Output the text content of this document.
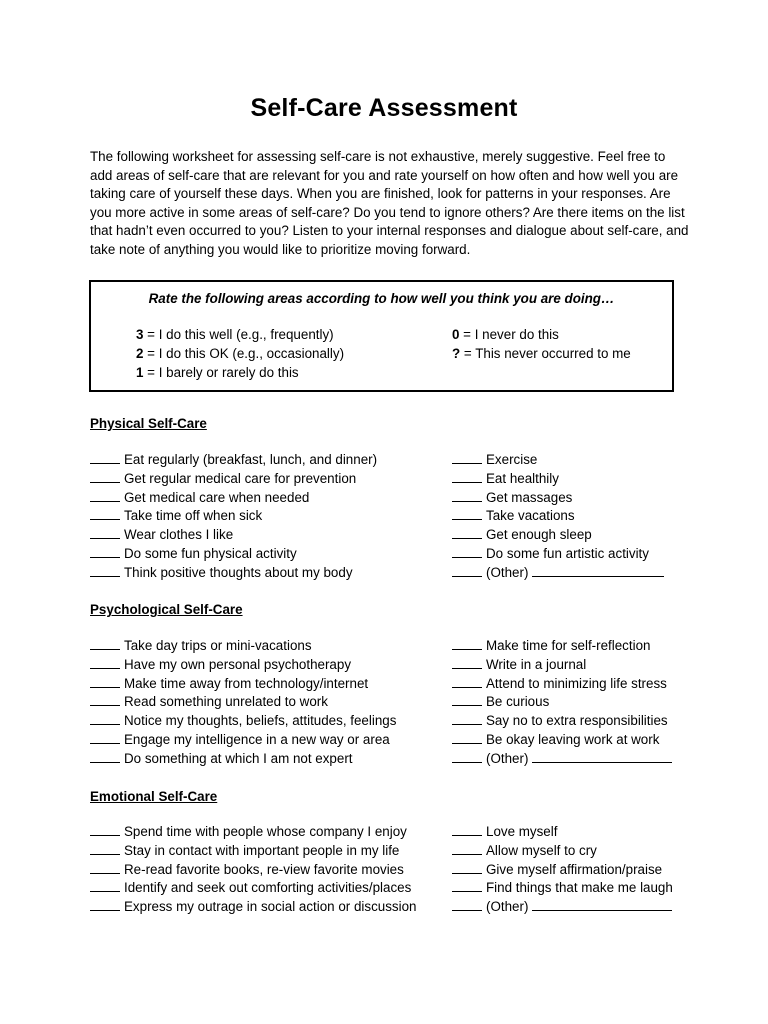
Self-Care Assessment
The following worksheet for assessing self-care is not exhaustive, merely suggestive. Feel free to add areas of self-care that are relevant for you and rate yourself on how often and how well you are taking care of yourself these days. When you are finished, look for patterns in your responses. Are you more active in some areas of self-care? Do you tend to ignore others? Are there items on the list that hadn’t even occurred to you? Listen to your internal responses and dialogue about self-care, and take note of anything you would like to prioritize moving forward.
Rate the following areas according to how well you think you are doing…
3 = I do this well (e.g., frequently)
2 = I do this OK (e.g., occasionally)
1 = I barely or rarely do this
0 = I never do this
? = This never occurred to me
Physical Self-Care
Eat regularly (breakfast, lunch, and dinner)
Get regular medical care for prevention
Get medical care when needed
Take time off when sick
Wear clothes I like
Do some fun physical activity
Think positive thoughts about my body
Exercise
Eat healthily
Get massages
Take vacations
Get enough sleep
Do some fun artistic activity
(Other)
Psychological Self-Care
Take day trips or mini-vacations
Have my own personal psychotherapy
Make time away from technology/internet
Read something unrelated to work
Notice my thoughts, beliefs, attitudes, feelings
Engage my intelligence in a new way or area
Do something at which I am not expert
Make time for self-reflection
Write in a journal
Attend to minimizing life stress
Be curious
Say no to extra responsibilities
Be okay leaving work at work
(Other)
Emotional Self-Care
Spend time with people whose company I enjoy
Stay in contact with important people in my life
Re-read favorite books, re-view favorite movies
Identify and seek out comforting activities/places
Express my outrage in social action or discussion
Love myself
Allow myself to cry
Give myself affirmation/praise
Find things that make me laugh
(Other)
